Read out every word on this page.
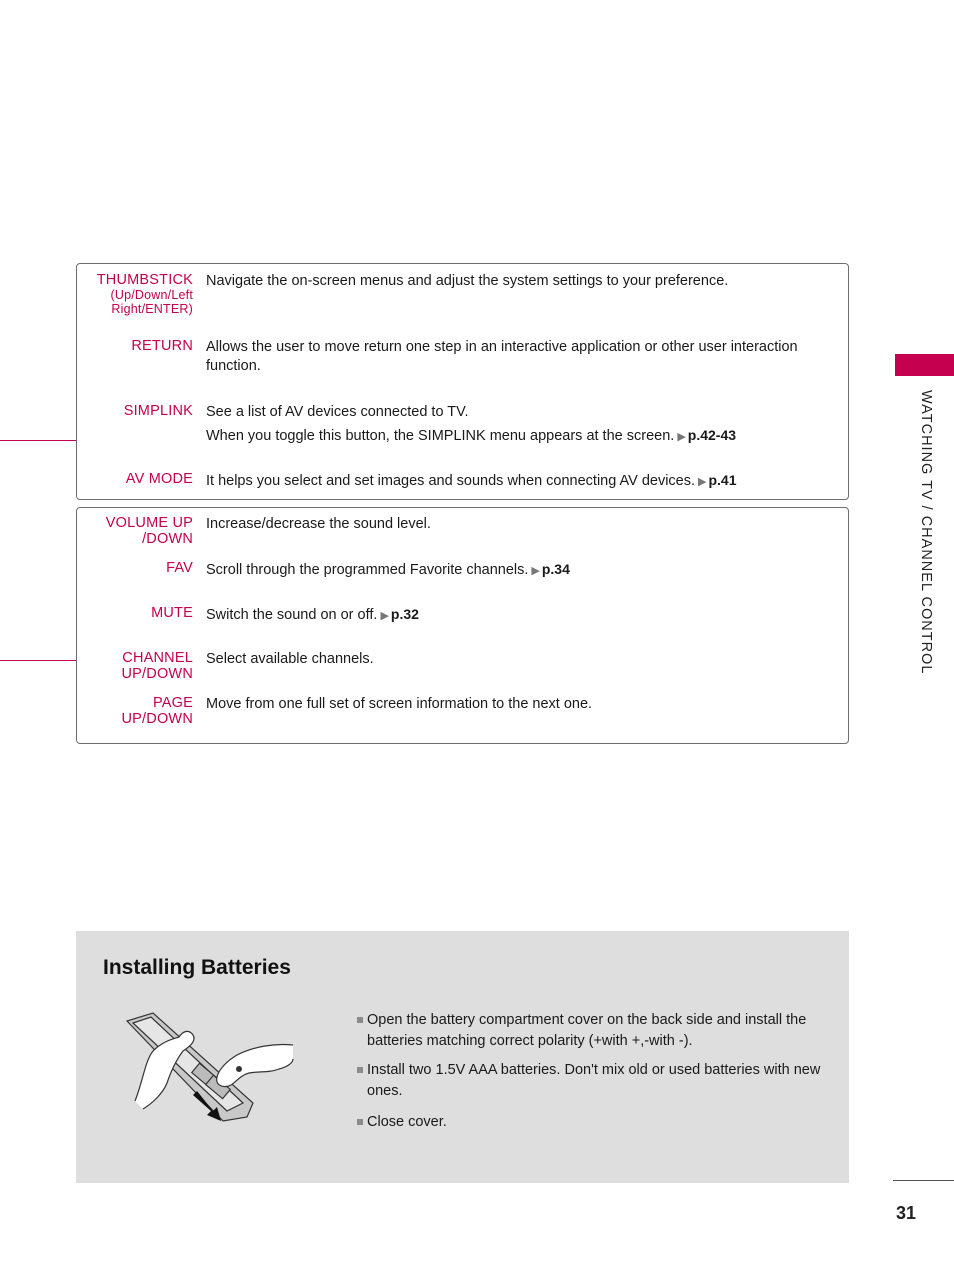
THUMBSTICK
(Up/Down/Left Right/ENTER)
Navigate the on-screen menus and adjust the system settings to your preference.
RETURN Allows the user to move return one step in an interactive application or other user interaction function.
SIMPLINK See a list of AV devices connected to TV.
When you toggle this button, the SIMPLINK menu appears at the screen. ▶ p.42-43
AV MODE It helps you select and set images and sounds when connecting AV devices. ▶ p.41
VOLUME UP
/DOWN
Increase/decrease the sound level.
FAV Scroll through the programmed Favorite channels. ▶ p.34
MUTE Switch the sound on or off. ▶ p.32
CHANNEL
UP/DOWN
Select available channels.
PAGE
UP/DOWN
Move from one full set of screen information to the next one.
WATCHING TV / CHANNEL CONTROL
Installing Batteries
Open the battery compartment cover on the back side and install the batteries matching correct polarity (+with +,-with -).
Install two 1.5V AAA batteries. Don't mix old or used batteries with new ones.
Close cover.
31
